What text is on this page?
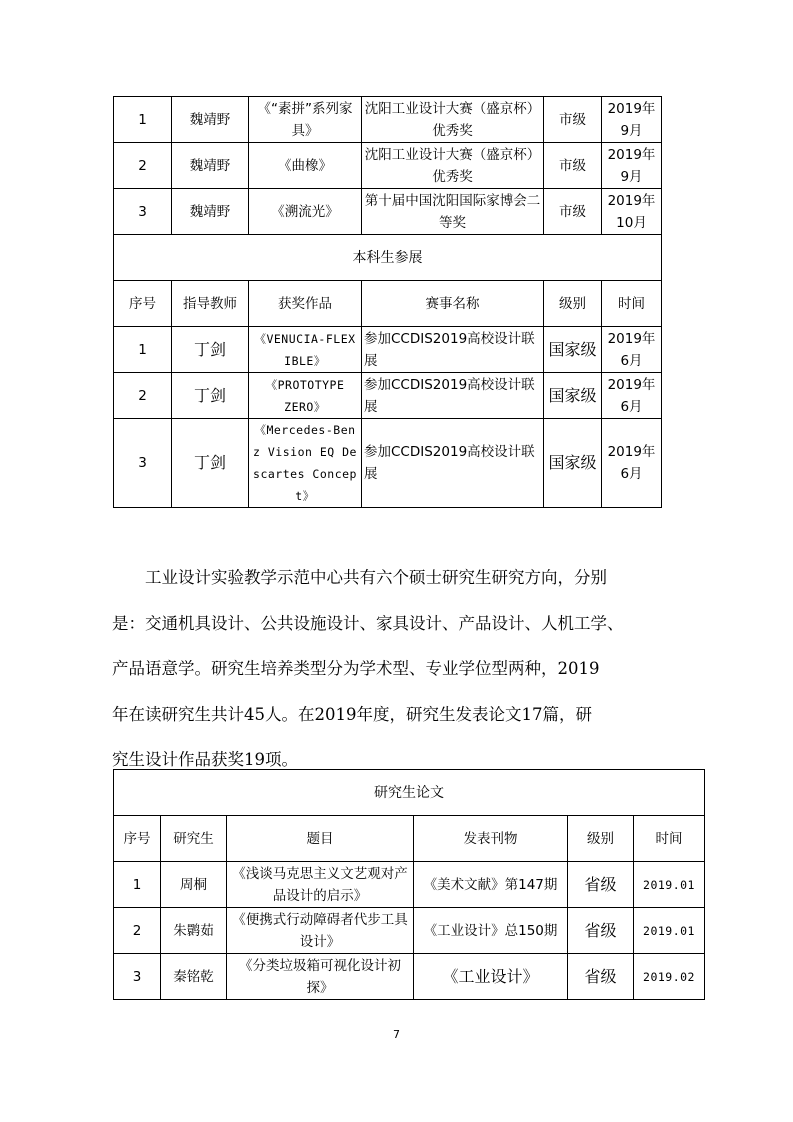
1	魏靖野	《“素拼”系列家具》	沈阳工业设计大赛（盛京杯）优秀奖	市级	2019年9月
2	魏靖野	《曲橡》	沈阳工业设计大赛（盛京杯）优秀奖	市级	2019年9月
3	魏靖野	《溯流光》	第十届中国沈阳国际家博会二等奖	市级	2019年10月
本科生参展					
序号	指导教师	获奖作品	赛事名称	级别	时间
1	丁剑	《VENUCIA-FLEXIBLE》	参加CCDIS2019高校设计联展	国家级	2019年6月
2	丁剑	《PROTOTYPE ZERO》	参加CCDIS2019高校设计联展	国家级	2019年6月
3	丁剑	《Mercedes-Benz Vision EQ Descartes Concept》	参加CCDIS2019高校设计联展	国家级	2019年6月
工业设计实验教学示范中心共有六个硕士研究生研究方向，分别
是：交通机具设计、公共设施设计、家具设计、产品设计、人机工学、
产品语意学。研究生培养类型分为学术型、专业学位型两种，2019
年在读研究生共计45人。在2019年度，研究生发表论文17篇，研
究生设计作品获奖19项。
研究生论文					
序号	研究生	题目	发表刊物	级别	时间
1	周桐	《浅谈马克思主义文艺观对产品设计的启示》	《美术文献》第147期	省级	2019.01
2	朱鹮茹	《便携式行动障碍者代步工具设计》	《工业设计》总150期	省级	2019.01
3	秦铭乾	《分类垃圾箱可视化设计初探》	《工业设计》	省级	2019.02
7
